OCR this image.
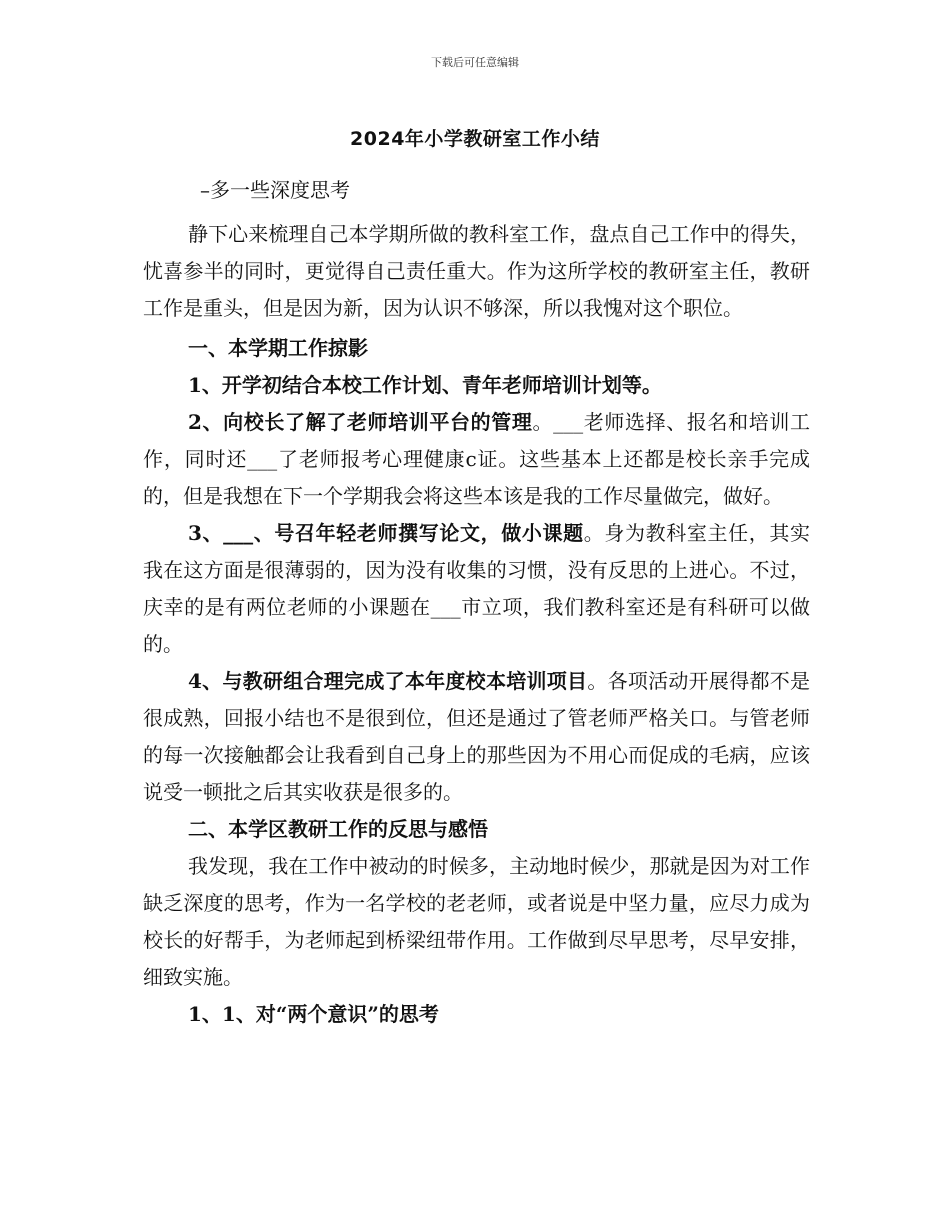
下载后可任意编辑
2024年小学教研室工作小结
–多一些深度思考

静下心来梳理自己本学期所做的教科室工作，盘点自己工作中的得失，忧喜参半的同时，更觉得自己责任重大。作为这所学校的教研室主任，教研工作是重头，但是因为新，因为认识不够深，所以我愧对这个职位。

一、本学期工作掠影

1、开学初结合本校工作计划、青年老师培训计划等。

2、向校长了解了老师培训平台的管理。___老师选择、报名和培训工作，同时还___了老师报考心理健康c证。这些基本上还都是校长亲手完成的，但是我想在下一个学期我会将这些本该是我的工作尽量做完，做好。

3、___、号召年轻老师撰写论文，做小课题。身为教科室主任，其实我在这方面是很薄弱的，因为没有收集的习惯，没有反思的上进心。不过，庆幸的是有两位老师的小课题在___市立项，我们教科室还是有科研可以做的。

4、与教研组合理完成了本年度校本培训项目。各项活动开展得都不是很成熟，回报小结也不是很到位，但还是通过了管老师严格关口。与管老师的每一次接触都会让我看到自己身上的那些因为不用心而促成的毛病，应该说受一顿批之后其实收获是很多的。

二、本学区教研工作的反思与感悟

我发现，我在工作中被动的时候多，主动地时候少，那就是因为对工作缺乏深度的思考，作为一名学校的老老师，或者说是中坚力量，应尽力成为校长的好帮手，为老师起到桥梁纽带作用。工作做到尽早思考，尽早安排，细致实施。

1、1、对“两个意识”的思考
